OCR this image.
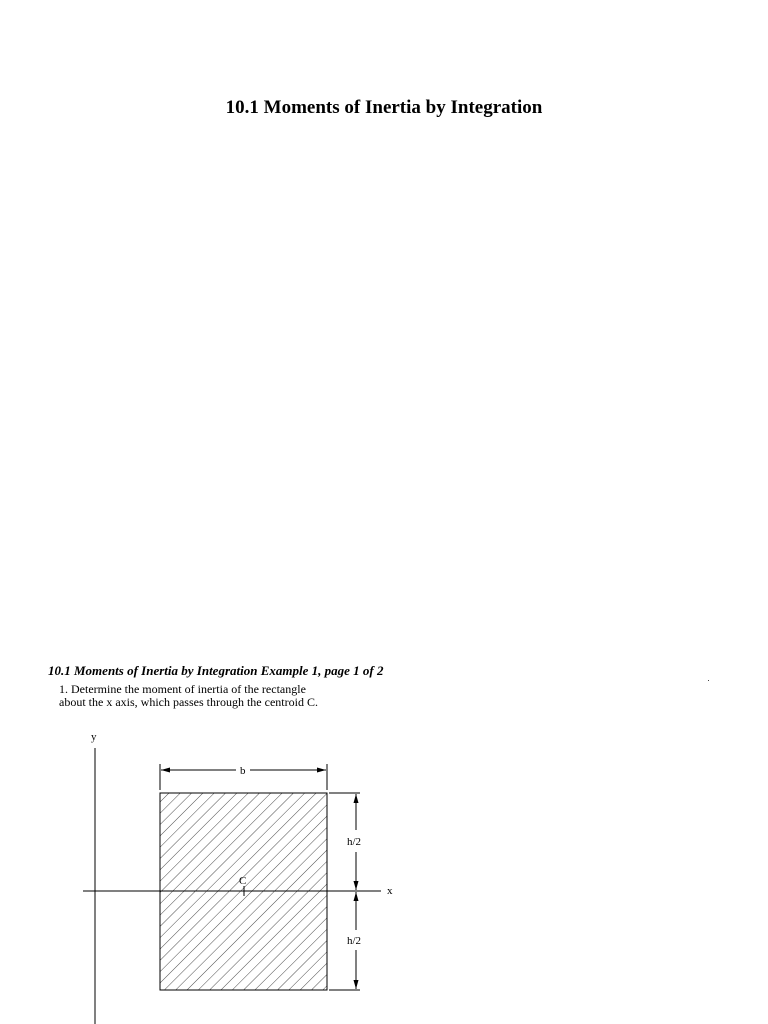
10.1 Moments of Inertia by Integration
10.1 Moments of Inertia by Integration Example 1, page 1 of 2
1. Determine the moment of inertia of the rectangle
about the x axis, which passes through the centroid C.
y
x
C
b
h/2
h/2
